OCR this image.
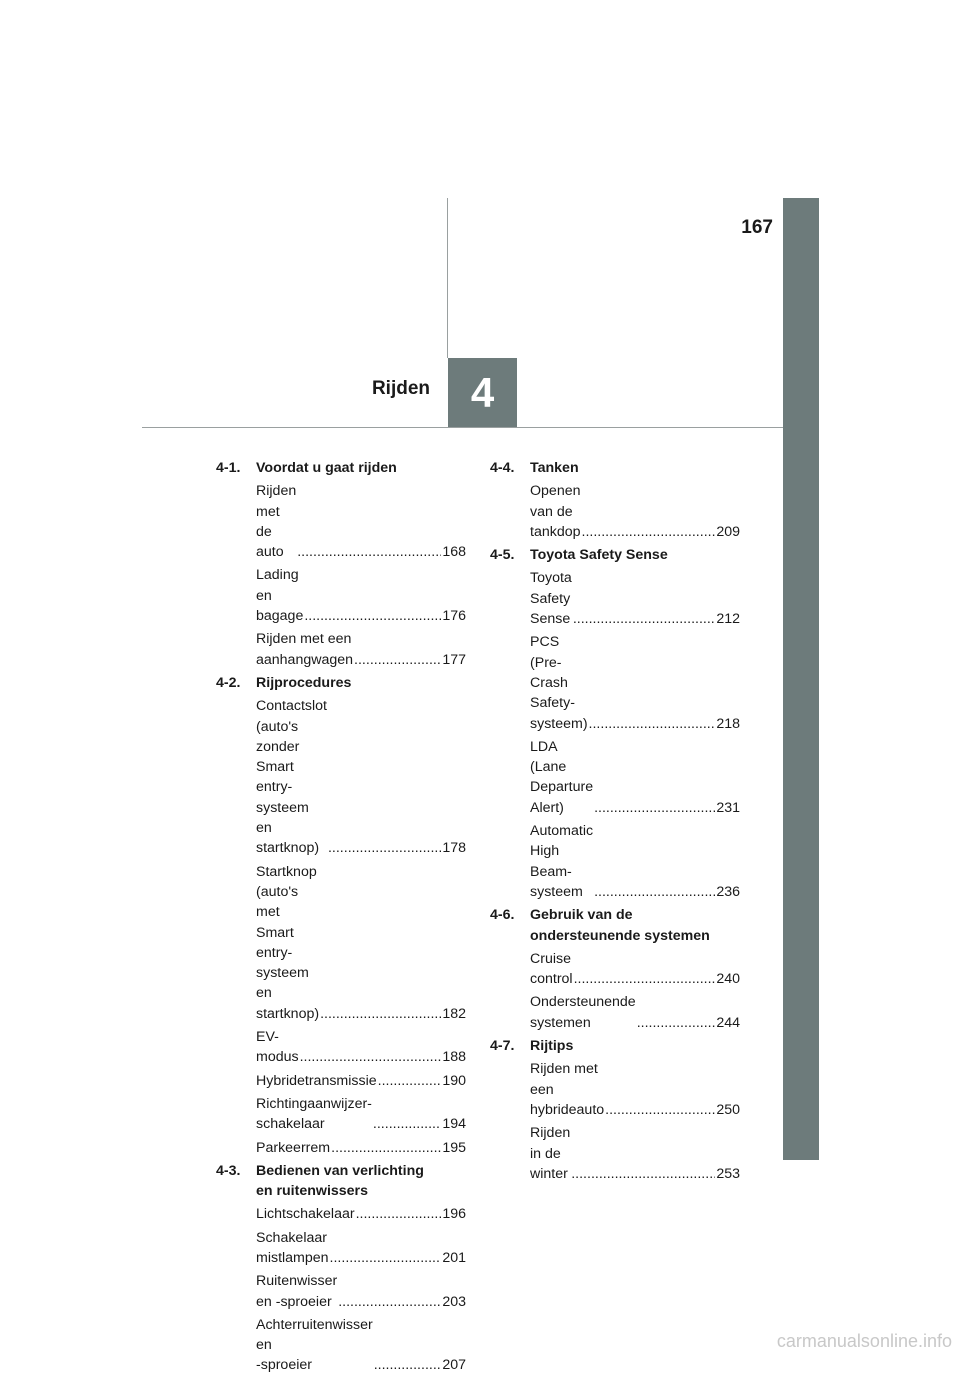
167
4
Rijden
4-1. Voordat u gaat rijden
Rijden met de auto .....	168
Lading en bagage .....	176
Rijden met een
aanhangwagen .....	177
4-2. Rijprocedures
Contactslot
(auto's zonder Smart entry-
systeem en startknop) .....	178
Startknop
(auto's met Smart entry-
systeem en startknop) .....	182
EV-modus .....	188
Hybridetransmissie .....	190
Richtingaanwijzer-
schakelaar .....	194
Parkeerrem .....	195
4-3. Bedienen van verlichting
en ruitenwissers
Lichtschakelaar .....	196
Schakelaar mistlampen .....	201
Ruitenwisser en -sproeier .....	203
Achterruitenwisser en
-sproeier .....	207
4-4. Tanken
Openen van de tankdop .....	209
4-5. Toyota Safety Sense
Toyota Safety Sense .....	212
PCS (Pre-Crash Safety-
systeem) .....	218
LDA (Lane Departure
Alert) .....	231
Automatic High Beam-
systeem .....	236
4-6. Gebruik van de
ondersteunende systemen
Cruise control .....	240
Ondersteunende
systemen .....	244
4-7. Rijtips
Rijden met een
hybrideauto .....	250
Rijden in de winter .....	253
carmanualsonline.info
